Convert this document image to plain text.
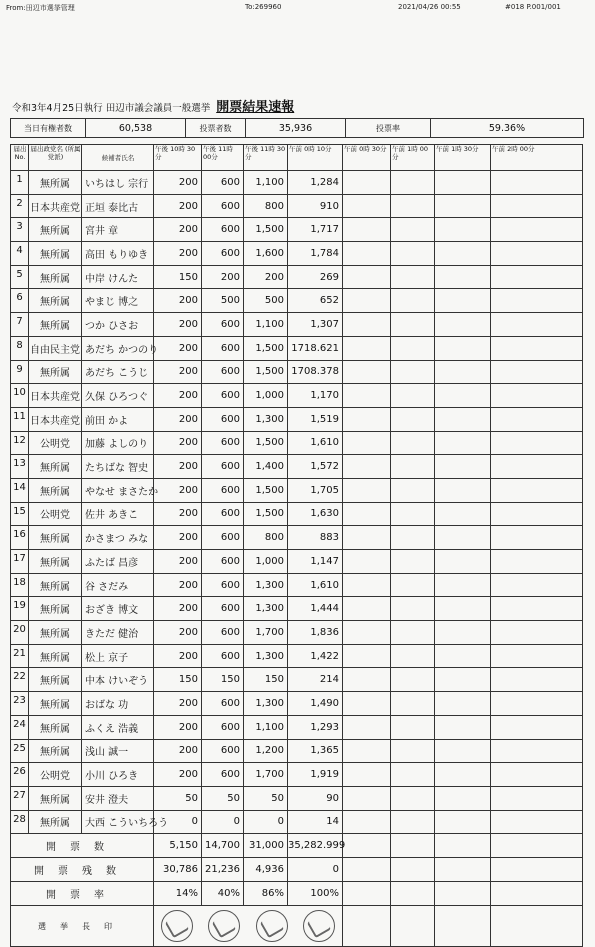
From:田辺市選挙管理	To:269960	2021/04/26 00:55	#018 P.001/001
令和3年4月25日執行 田辺市議会議員一般選挙 開票結果速報
当日有権者数	60,538	投票者数	35,936	投票率	59.36%
届出 No.	届出政党名 (所属党派)	候補者氏名	午後 10時 30分	午後 11時 00分	午後 11時 30分	午前 0時 10分	午前 0時 30分	午前 1時 00分	午前 1時 30分	午前 2時 00分
1	無所属	いちはし 宗行	200	600	1,100	1,284				
2	日本共産党	正垣 泰比古	200	600	800	910				
3	無所属	宮井 章	200	600	1,500	1,717				
4	無所属	高田 もりゆき	200	600	1,600	1,784				
5	無所属	中岸 けんた	150	200	200	269				
6	無所属	やまじ 博之	200	500	500	652				
7	無所属	つか ひさお	200	600	1,100	1,307				
8	自由民主党	あだち かつのり	200	600	1,500	1718.621				
9	無所属	あだち こうじ	200	600	1,500	1708.378				
10	日本共産党	久保 ひろつぐ	200	600	1,000	1,170				
11	日本共産党	前田 かよ	200	600	1,300	1,519				
12	公明党	加藤 よしのり	200	600	1,500	1,610				
13	無所属	たちばな 智史	200	600	1,400	1,572				
14	無所属	やなせ まさたか	200	600	1,500	1,705				
15	公明党	佐井 あきこ	200	600	1,500	1,630				
16	無所属	かさまつ みな	200	600	800	883				
17	無所属	ふたば 昌彦	200	600	1,000	1,147				
18	無所属	谷 さだみ	200	600	1,300	1,610				
19	無所属	おざき 博文	200	600	1,300	1,444				
20	無所属	きただ 健治	200	600	1,700	1,836				
21	無所属	松上 京子	200	600	1,300	1,422				
22	無所属	中本 けいぞう	150	150	150	214				
23	無所属	おばな 功	200	600	1,300	1,490				
24	無所属	ふくえ 浩義	200	600	1,100	1,293				
25	無所属	浅山 誠一	200	600	1,200	1,365				
26	公明党	小川 ひろき	200	600	1,700	1,919				
27	無所属	安井 澄夫	50	50	50	90				
28	無所属	大西 こういちろう	0	0	0	14				
開票数			5,150	14,700	31,000	35,282.999				
開票残数			30,786	21,236	4,936	0				
開票率			14%	40%	86%	100%				
選挙長印										
